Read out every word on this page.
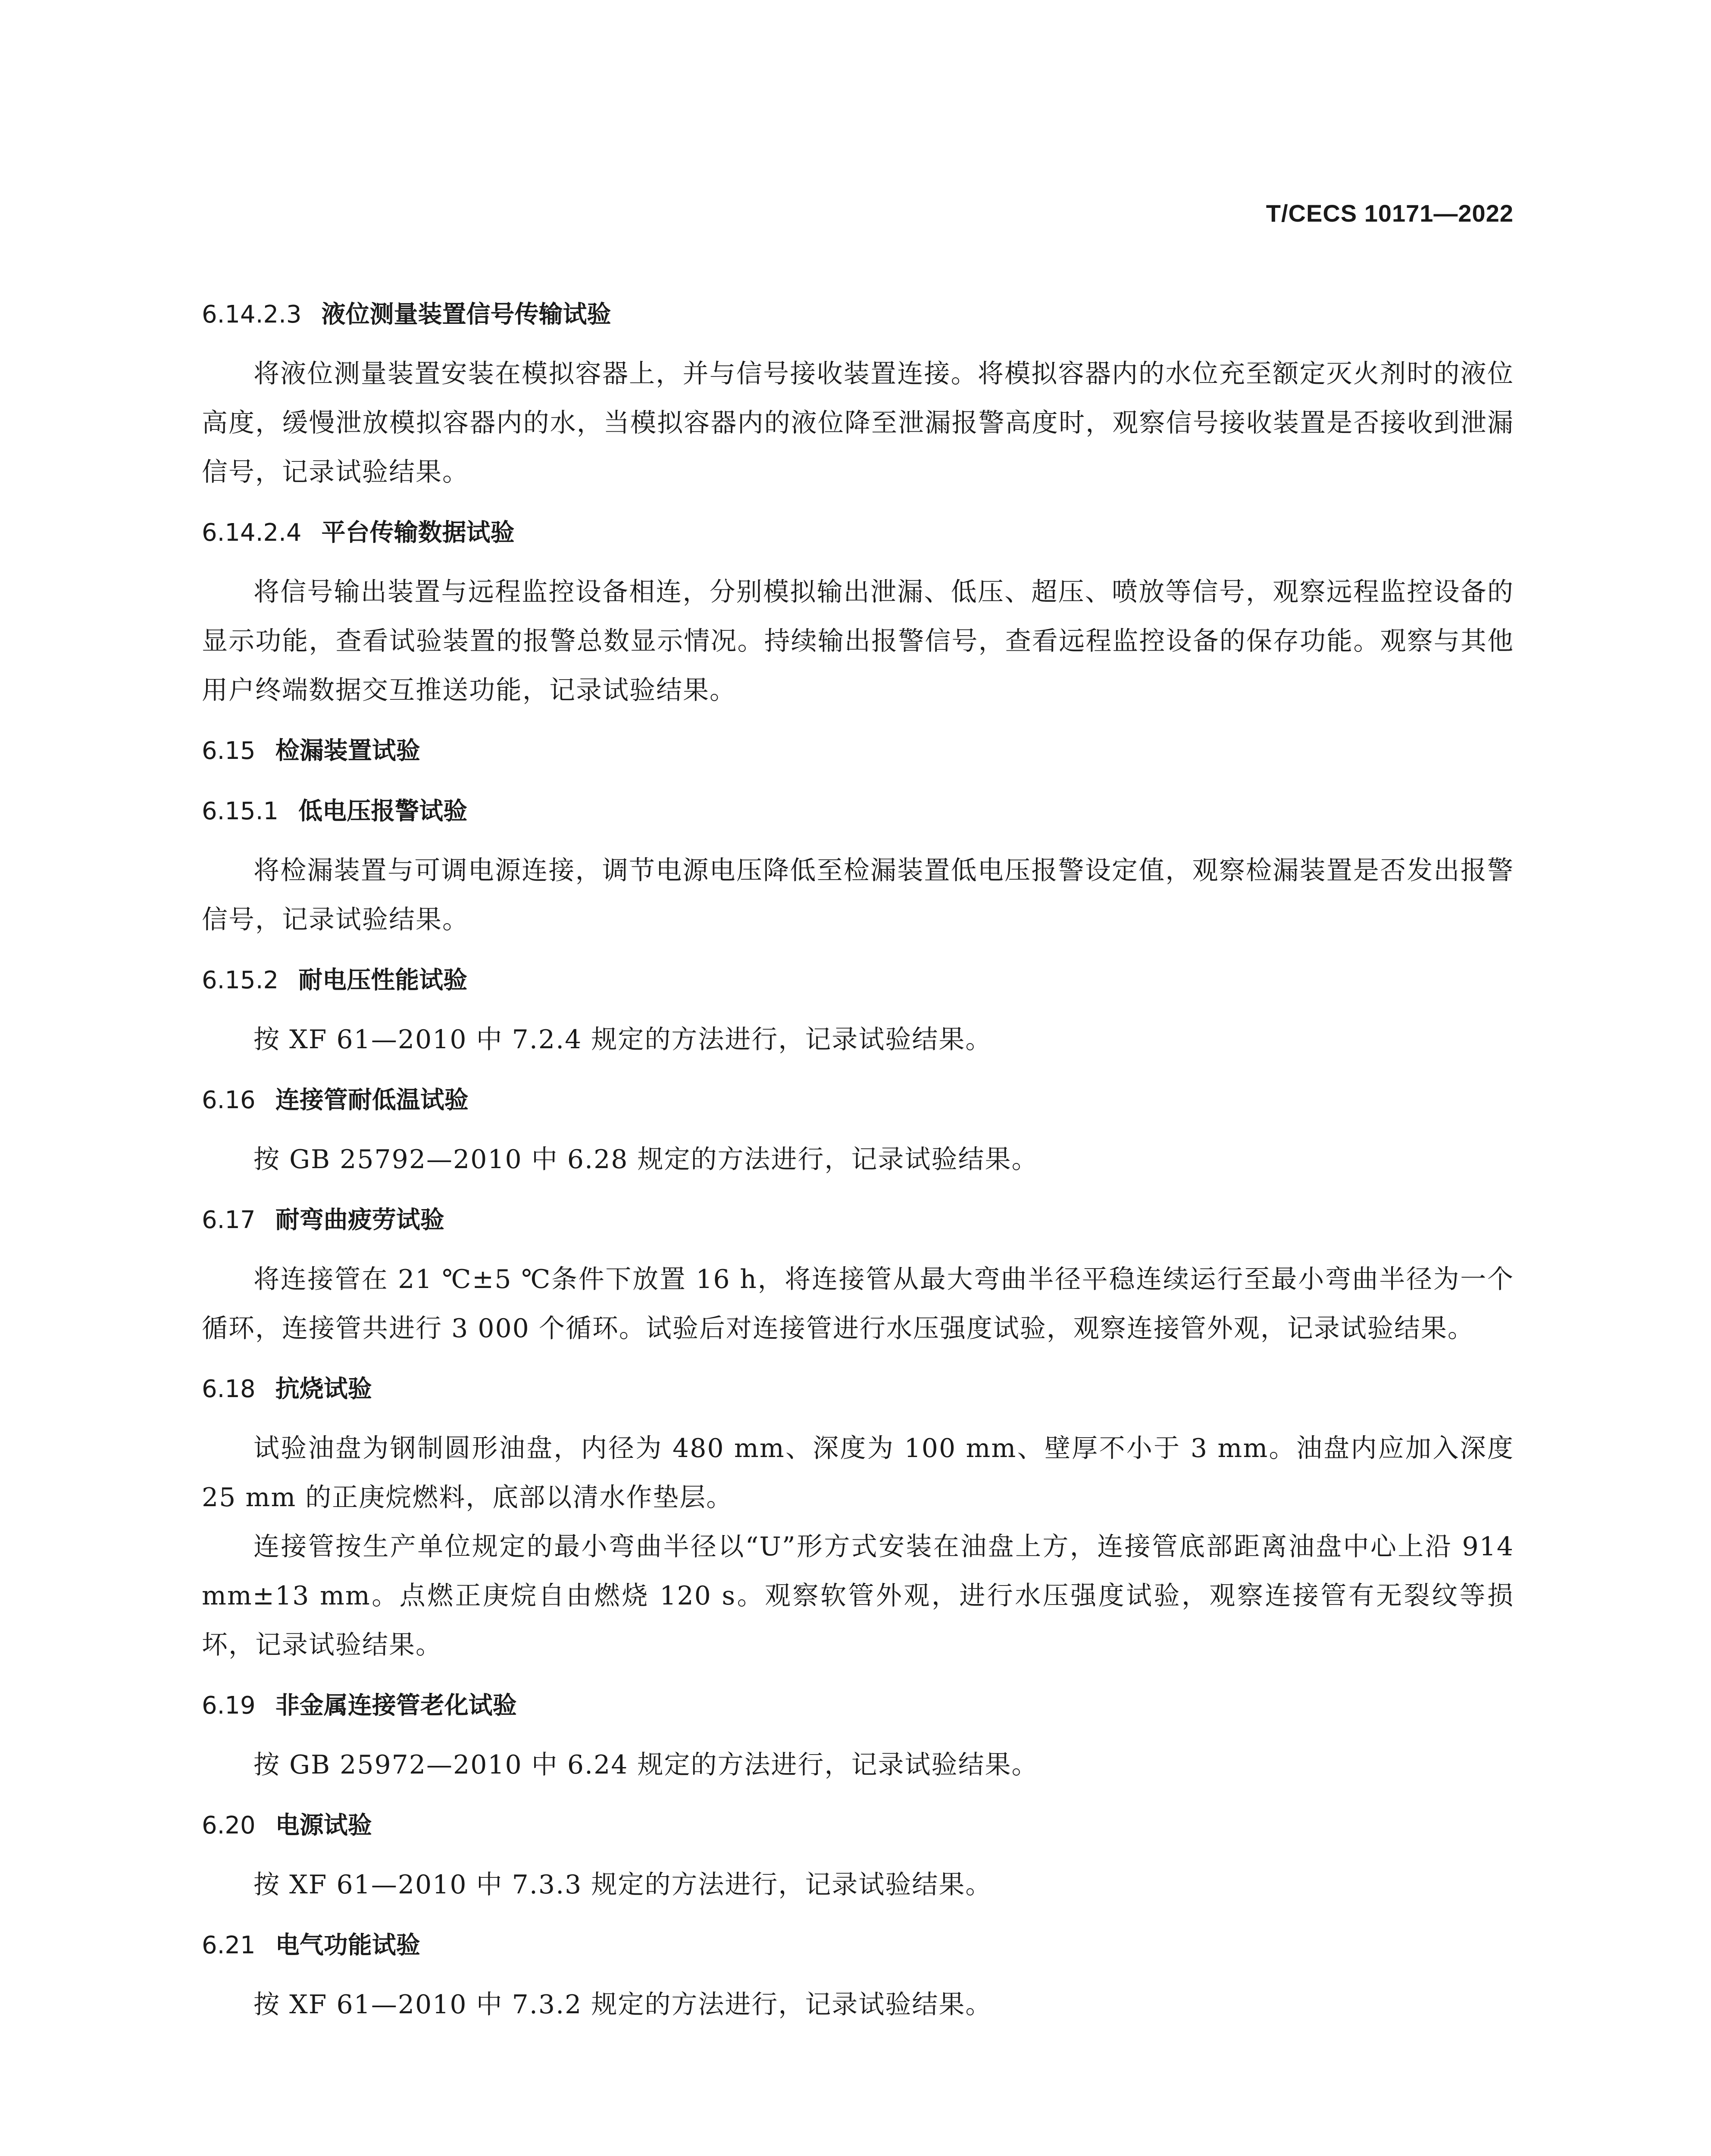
T/CECS 10171—2022
6.14.2.3 液位测量装置信号传输试验

将液位测量装置安装在模拟容器上，并与信号接收装置连接。将模拟容器内的水位充至额定灭火剂时的液位高度，缓慢泄放模拟容器内的水，当模拟容器内的液位降至泄漏报警高度时，观察信号接收装置是否接收到泄漏信号，记录试验结果。

6.14.2.4 平台传输数据试验

将信号输出装置与远程监控设备相连，分别模拟输出泄漏、低压、超压、喷放等信号，观察远程监控设备的显示功能，查看试验装置的报警总数显示情况。持续输出报警信号，查看远程监控设备的保存功能。观察与其他用户终端数据交互推送功能，记录试验结果。

6.15 检漏装置试验
6.15.1 低电压报警试验

将检漏装置与可调电源连接，调节电源电压降低至检漏装置低电压报警设定值，观察检漏装置是否发出报警信号，记录试验结果。

6.15.2 耐电压性能试验

按 XF 61—2010 中 7.2.4 规定的方法进行，记录试验结果。

6.16 连接管耐低温试验

按 GB 25792—2010 中 6.28 规定的方法进行，记录试验结果。

6.17 耐弯曲疲劳试验

将连接管在 21 ℃±5 ℃条件下放置 16 h，将连接管从最大弯曲半径平稳连续运行至最小弯曲半径为一个循环，连接管共进行 3 000 个循环。试验后对连接管进行水压强度试验，观察连接管外观，记录试验结果。

6.18 抗烧试验

试验油盘为钢制圆形油盘，内径为 480 mm、深度为 100 mm、壁厚不小于 3 mm。油盘内应加入深度 25 mm 的正庚烷燃料，底部以清水作垫层。

连接管按生产单位规定的最小弯曲半径以“U”形方式安装在油盘上方，连接管底部距离油盘中心上沿 914 mm±13 mm。点燃正庚烷自由燃烧 120 s。观察软管外观，进行水压强度试验，观察连接管有无裂纹等损坏，记录试验结果。

6.19 非金属连接管老化试验

按 GB 25972—2010 中 6.24 规定的方法进行，记录试验结果。

6.20 电源试验

按 XF 61—2010 中 7.3.3 规定的方法进行，记录试验结果。

6.21 电气功能试验

按 XF 61—2010 中 7.3.2 规定的方法进行，记录试验结果。
